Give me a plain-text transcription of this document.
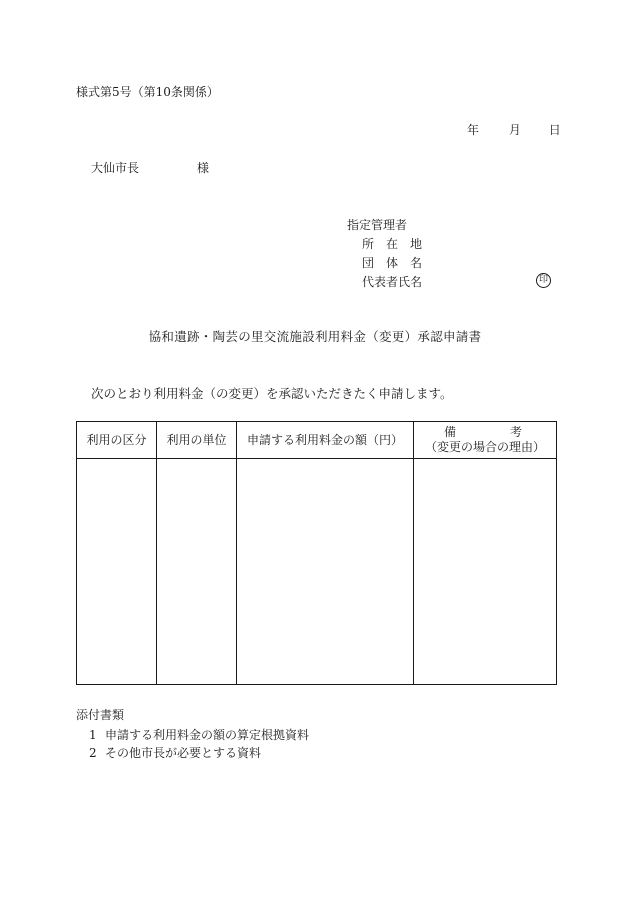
様式第5号（第10条関係）
年 月 日
大仙市長	様
指定管理者
所　在　地
団　体　名
代表者氏名	印
協和遺跡・陶芸の里交流施設利用料金（変更）承認申請書
次のとおり利用料金（の変更）を承認いただきたく申請します。
利用の区分	利用の単位	申請する利用料金の額（円）	備 考
（変更の場合の理由）

添付書類
1 申請する利用料金の額の算定根拠資料
2 その他市長が必要とする資料
